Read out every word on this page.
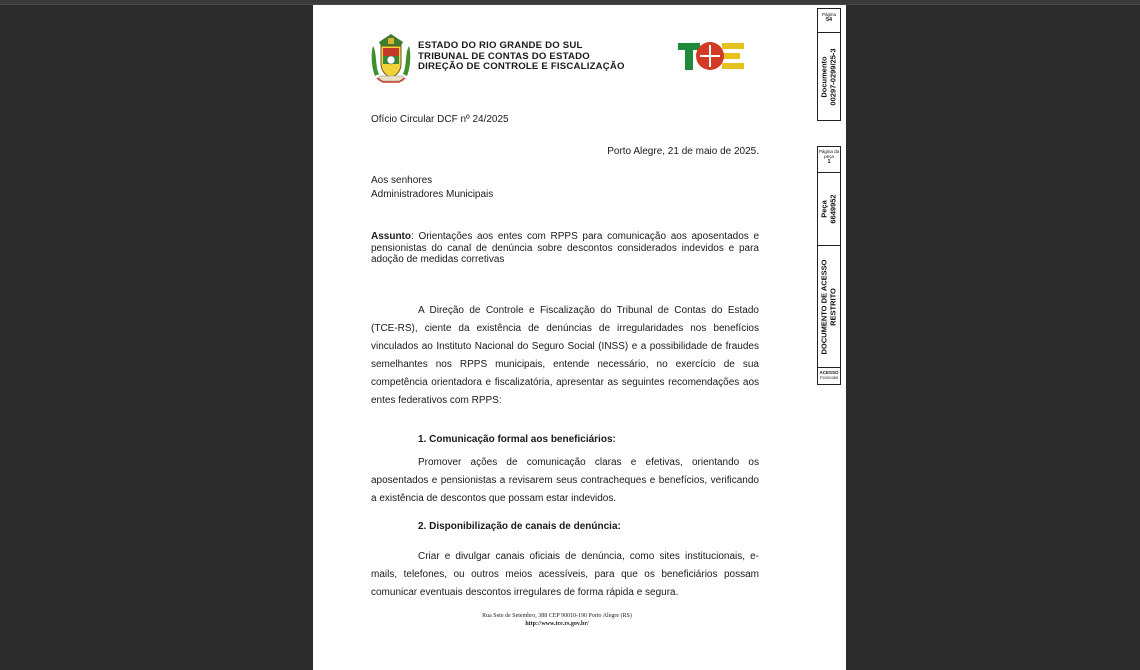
ESTADO DO RIO GRANDE DO SUL
TRIBUNAL DE CONTAS DO ESTADO
DIREÇÃO DE CONTROLE E FISCALIZAÇÃO	TCE
Ofício Circular DCF nº 24/2025
Porto Alegre, 21 de maio de 2025.
Aos senhores
Administradores Municipais
Assunto: Orientações aos entes com RPPS para comunicação aos aposentados e pensionistas do canal de denúncia sobre descontos considerados indevidos e para adoção de medidas corretivas
A Direção de Controle e Fiscalização do Tribunal de Contas do Estado (TCE-RS), ciente da existência de denúncias de irregularidades nos benefícios vinculados ao Instituto Nacional do Seguro Social (INSS) e a possibilidade de fraudes semelhantes nos RPPS municipais, entende necessário, no exercício de sua competência orientadora e fiscalizatória, apresentar as seguintes recomendações aos entes federativos com RPPS:
1. Comunicação formal aos beneficiários:
Promover ações de comunicação claras e efetivas, orientando os aposentados e pensionistas a revisarem seus contracheques e benefícios, verificando a existência de descontos que possam estar indevidos.
2. Disponibilização de canais de denúncia:
Criar e divulgar canais oficiais de denúncia, como sites institucionais, e-mails, telefones, ou outros meios acessíveis, para que os beneficiários possam comunicar eventuais descontos irregulares de forma rápida e segura.
Rua Sete de Setembro, 388 CEP 90010-190 Porto Alegre (RS)
http://www.tce.rs.gov.br/
Página
54
Documento 00297-0299/25-3
Página da peça
1
Peça 6649952
DOCUMENTO DE ACESSO RESTRITO
ACESSO
P2000389
